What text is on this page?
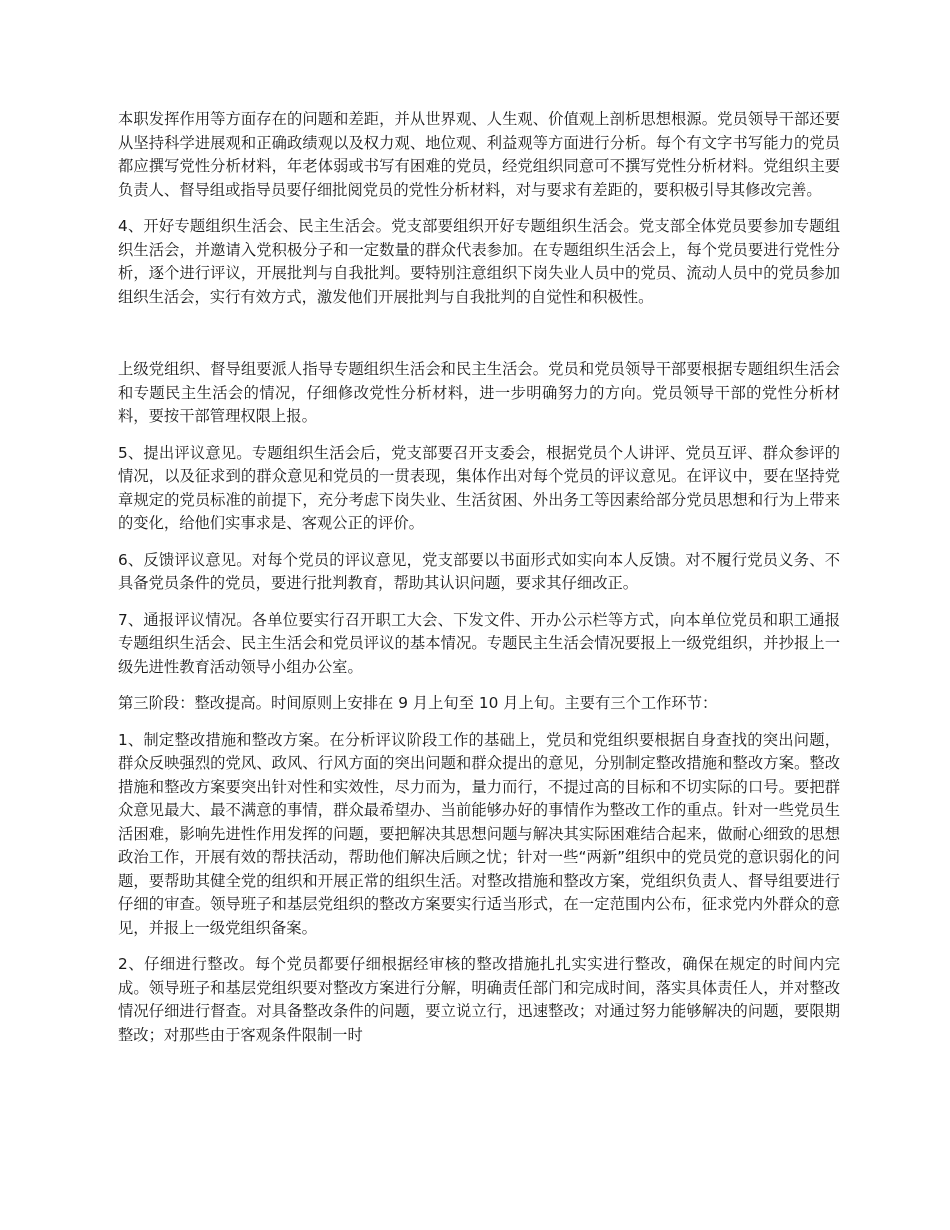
本职发挥作用等方面存在的问题和差距，并从世界观、人生观、价值观上剖析思想根源。党员领导干部还要从坚持科学进展观和正确政绩观以及权力观、地位观、利益观等方面进行分析。每个有文字书写能力的党员都应撰写党性分析材料，年老体弱或书写有困难的党员，经党组织同意可不撰写党性分析材料。党组织主要负责人、督导组或指导员要仔细批阅党员的党性分析材料，对与要求有差距的，要积极引导其修改完善。

4、开好专题组织生活会、民主生活会。党支部要组织开好专题组织生活会。党支部全体党员要参加专题组织生活会，并邀请入党积极分子和一定数量的群众代表参加。在专题组织生活会上，每个党员要进行党性分析，逐个进行评议，开展批判与自我批判。要特别注意组织下岗失业人员中的党员、流动人员中的党员参加组织生活会，实行有效方式，激发他们开展批判与自我批判的自觉性和积极性。

上级党组织、督导组要派人指导专题组织生活会和民主生活会。党员和党员领导干部要根据专题组织生活会和专题民主生活会的情况，仔细修改党性分析材料，进一步明确努力的方向。党员领导干部的党性分析材料，要按干部管理权限上报。

5、提出评议意见。专题组织生活会后，党支部要召开支委会，根据党员个人讲评、党员互评、群众参评的情况，以及征求到的群众意见和党员的一贯表现，集体作出对每个党员的评议意见。在评议中，要在坚持党章规定的党员标准的前提下，充分考虑下岗失业、生活贫困、外出务工等因素给部分党员思想和行为上带来的变化，给他们实事求是、客观公正的评价。

6、反馈评议意见。对每个党员的评议意见，党支部要以书面形式如实向本人反馈。对不履行党员义务、不具备党员条件的党员，要进行批判教育，帮助其认识问题，要求其仔细改正。

7、通报评议情况。各单位要实行召开职工大会、下发文件、开办公示栏等方式，向本单位党员和职工通报专题组织生活会、民主生活会和党员评议的基本情况。专题民主生活会情况要报上一级党组织，并抄报上一级先进性教育活动领导小组办公室。

第三阶段：整改提高。时间原则上安排在 9 月上旬至 10 月上旬。主要有三个工作环节：

1、制定整改措施和整改方案。在分析评议阶段工作的基础上，党员和党组织要根据自身查找的突出问题，群众反映强烈的党风、政风、行风方面的突出问题和群众提出的意见，分别制定整改措施和整改方案。整改措施和整改方案要突出针对性和实效性，尽力而为，量力而行，不提过高的目标和不切实际的口号。要把群众意见最大、最不满意的事情，群众最希望办、当前能够办好的事情作为整改工作的重点。针对一些党员生活困难，影响先进性作用发挥的问题，要把解决其思想问题与解决其实际困难结合起来，做耐心细致的思想政治工作，开展有效的帮扶活动，帮助他们解决后顾之忧；针对一些“两新”组织中的党员党的意识弱化的问题，要帮助其健全党的组织和开展正常的组织生活。对整改措施和整改方案，党组织负责人、督导组要进行仔细的审查。领导班子和基层党组织的整改方案要实行适当形式，在一定范围内公布，征求党内外群众的意见，并报上一级党组织备案。

2、仔细进行整改。每个党员都要仔细根据经审核的整改措施扎扎实实进行整改，确保在规定的时间内完成。领导班子和基层党组织要对整改方案进行分解，明确责任部门和完成时间，落实具体责任人，并对整改情况仔细进行督查。对具备整改条件的问题，要立说立行，迅速整改；对通过努力能够解决的问题，要限期整改；对那些由于客观条件限制一时
